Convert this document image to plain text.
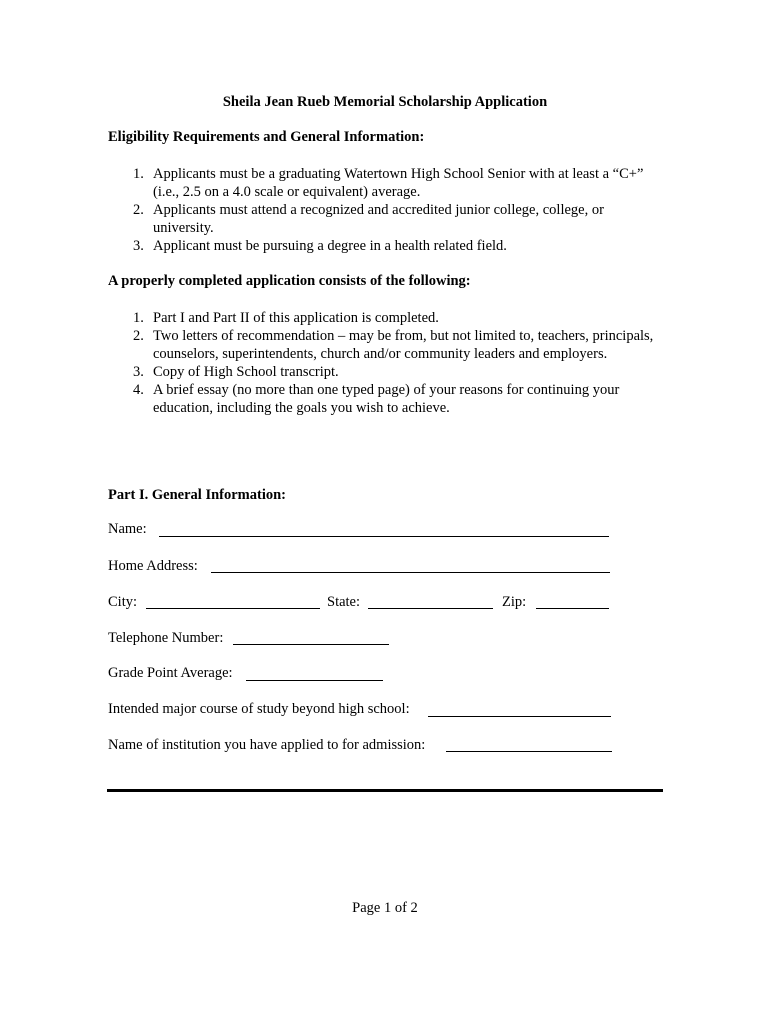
Sheila Jean Rueb Memorial Scholarship Application
Eligibility Requirements and General Information:
1. Applicants must be a graduating Watertown High School Senior with at least a “C+” (i.e., 2.5 on a 4.0 scale or equivalent) average.
2. Applicants must attend a recognized and accredited junior college, college, or university.
3. Applicant must be pursuing a degree in a health related field.
A properly completed application consists of the following:
1. Part I and Part II of this application is completed.
2. Two letters of recommendation – may be from, but not limited to, teachers, principals, counselors, superintendents, church and/or community leaders and employers.
3. Copy of High School transcript.
4. A brief essay (no more than one typed page) of your reasons for continuing your education, including the goals you wish to achieve.
Part I. General Information:
Name:
Home Address:
City:	State:	Zip:
Telephone Number:
Grade Point Average:
Intended major course of study beyond high school:
Name of institution you have applied to for admission:
Page 1 of 2
